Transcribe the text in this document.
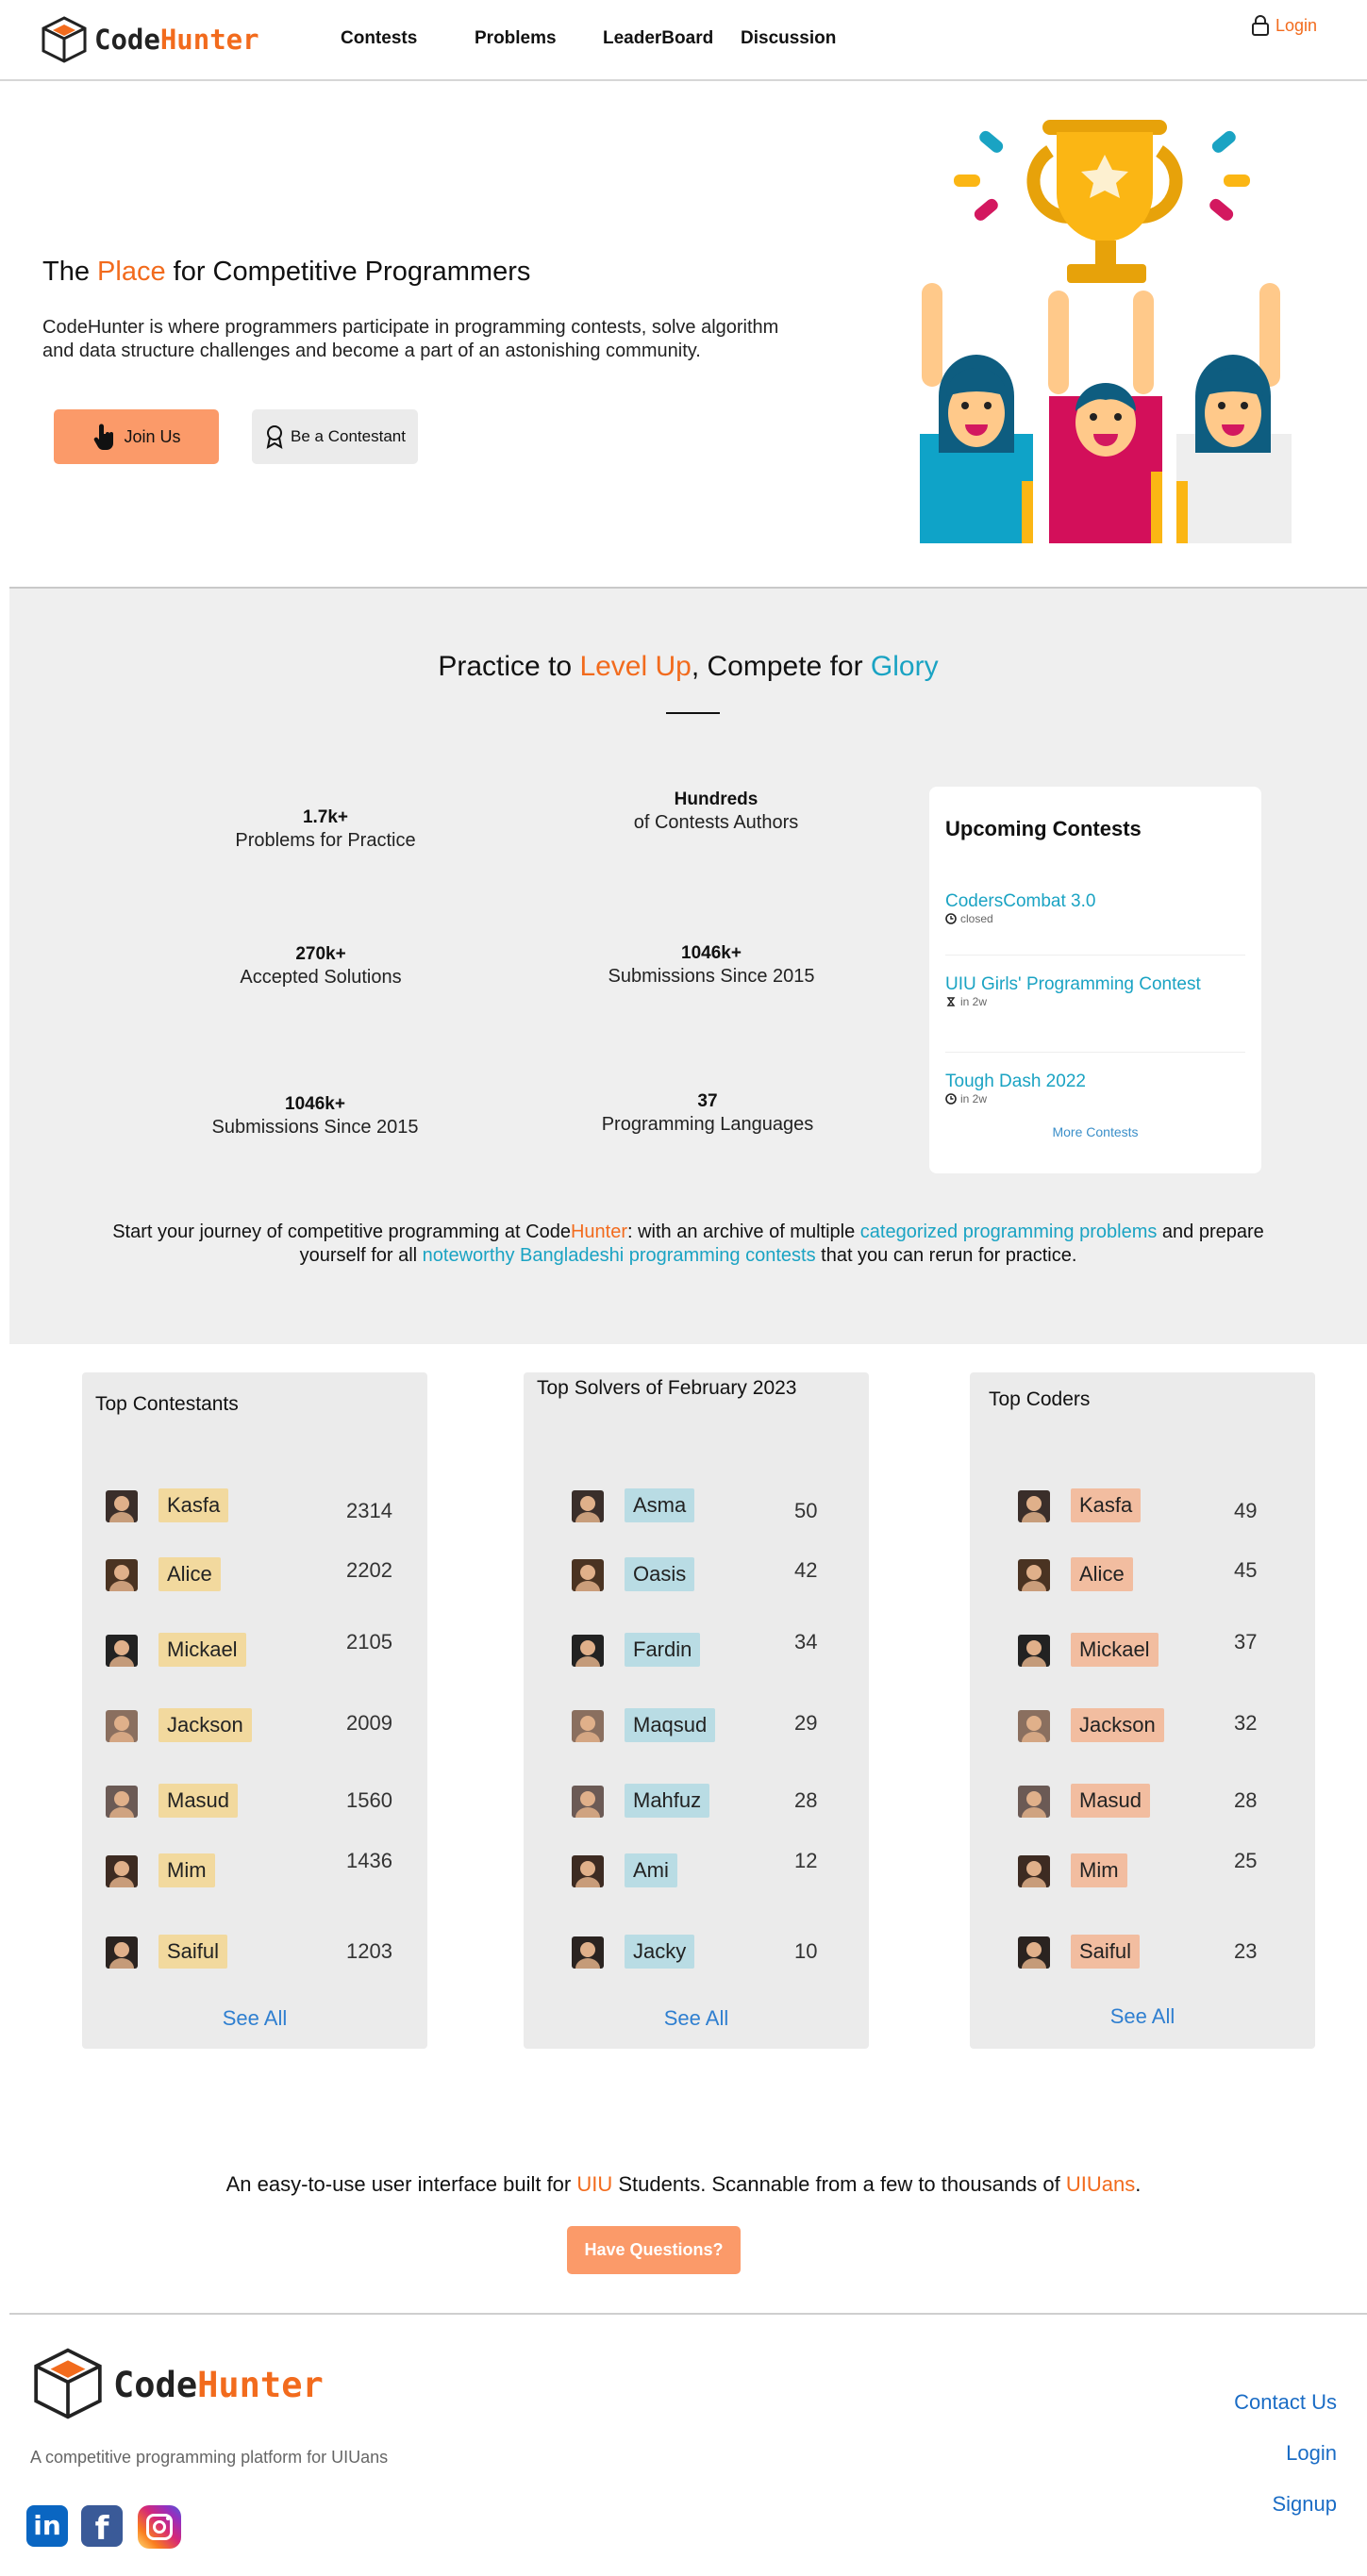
CodeHunter	Contests	Problems	LeaderBoard Discussion
Login
The Place for Competitive Programmers
CodeHunter is where programmers participate in programming contests, solve algorithm
and data structure challenges and become a part of an astonishing community.
Join Us	Be a Contestant
Practice to Level Up, Compete for Glory
1.7k+
Problems for Practice
Hundreds
of Contests Authors
270k+
Accepted Solutions
1046k+
Submissions Since 2015
1046k+
Submissions Since 2015
37
Programming Languages
Upcoming Contests
CodersCombat 3.0
closed
UIU Girls' Programming Contest
in 2w
Tough Dash 2022
in 2w
More Contests
Start your journey of competitive programming at CodeHunter: with an archive of multiple categorized programming problems and prepare
yourself for all noteworthy Bangladeshi programming contests that you can rerun for practice.
Top Contestants
Kasfa	2314
Alice	2202
Mickael	2105
Jackson	2009
Masud	1560
Mim	1436
Saiful	1203
See All
Top Solvers of February 2023
Asma	50
Oasis	42
Fardin	34
Maqsud	29
Mahfuz	28
Ami	12
Jacky	10
See All
Top Coders
Kasfa	49
Alice	45
Mickael	37
Jackson	32
Masud	28
Mim	25
Saiful	23
See All
An easy-to-use user interface built for UIU Students. Scannable from a few to thousands of UIUans.
Have Questions?
CodeHunter
A competitive programming platform for UIUans
in	f
Contact Us
Login
Signup
